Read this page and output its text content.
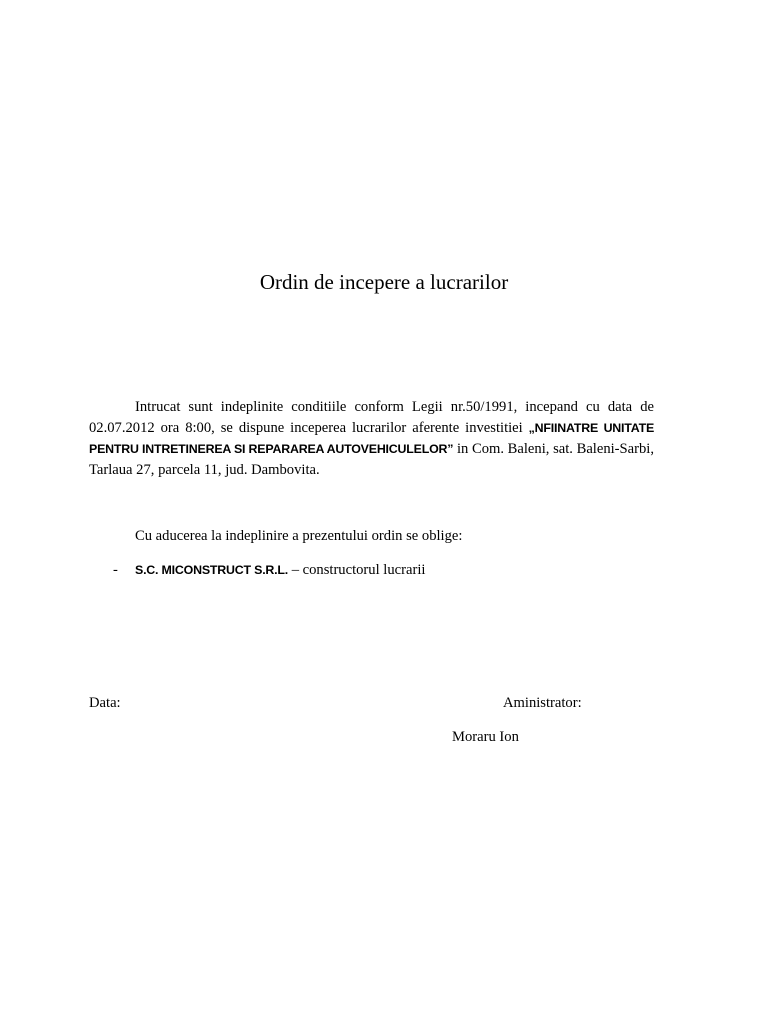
Ordin de incepere a lucrarilor
Intrucat sunt indeplinite conditiile conform Legii nr.50/1991, incepand cu data de 02.07.2012 ora 8:00, se dispune inceperea lucrarilor aferente investitiei „NFIINATRE UNITATE PENTRU INTRETINEREA SI REPARAREA AUTOVEHICULELOR” in Com. Baleni, sat. Baleni-Sarbi, Tarlaua 27, parcela 11, jud. Dambovita.
Cu aducerea la indeplinire a prezentului ordin se oblige:
- S.C. MICONSTRUCT S.R.L. – constructorul lucrarii
Data:	Aministrator:
Moraru Ion
